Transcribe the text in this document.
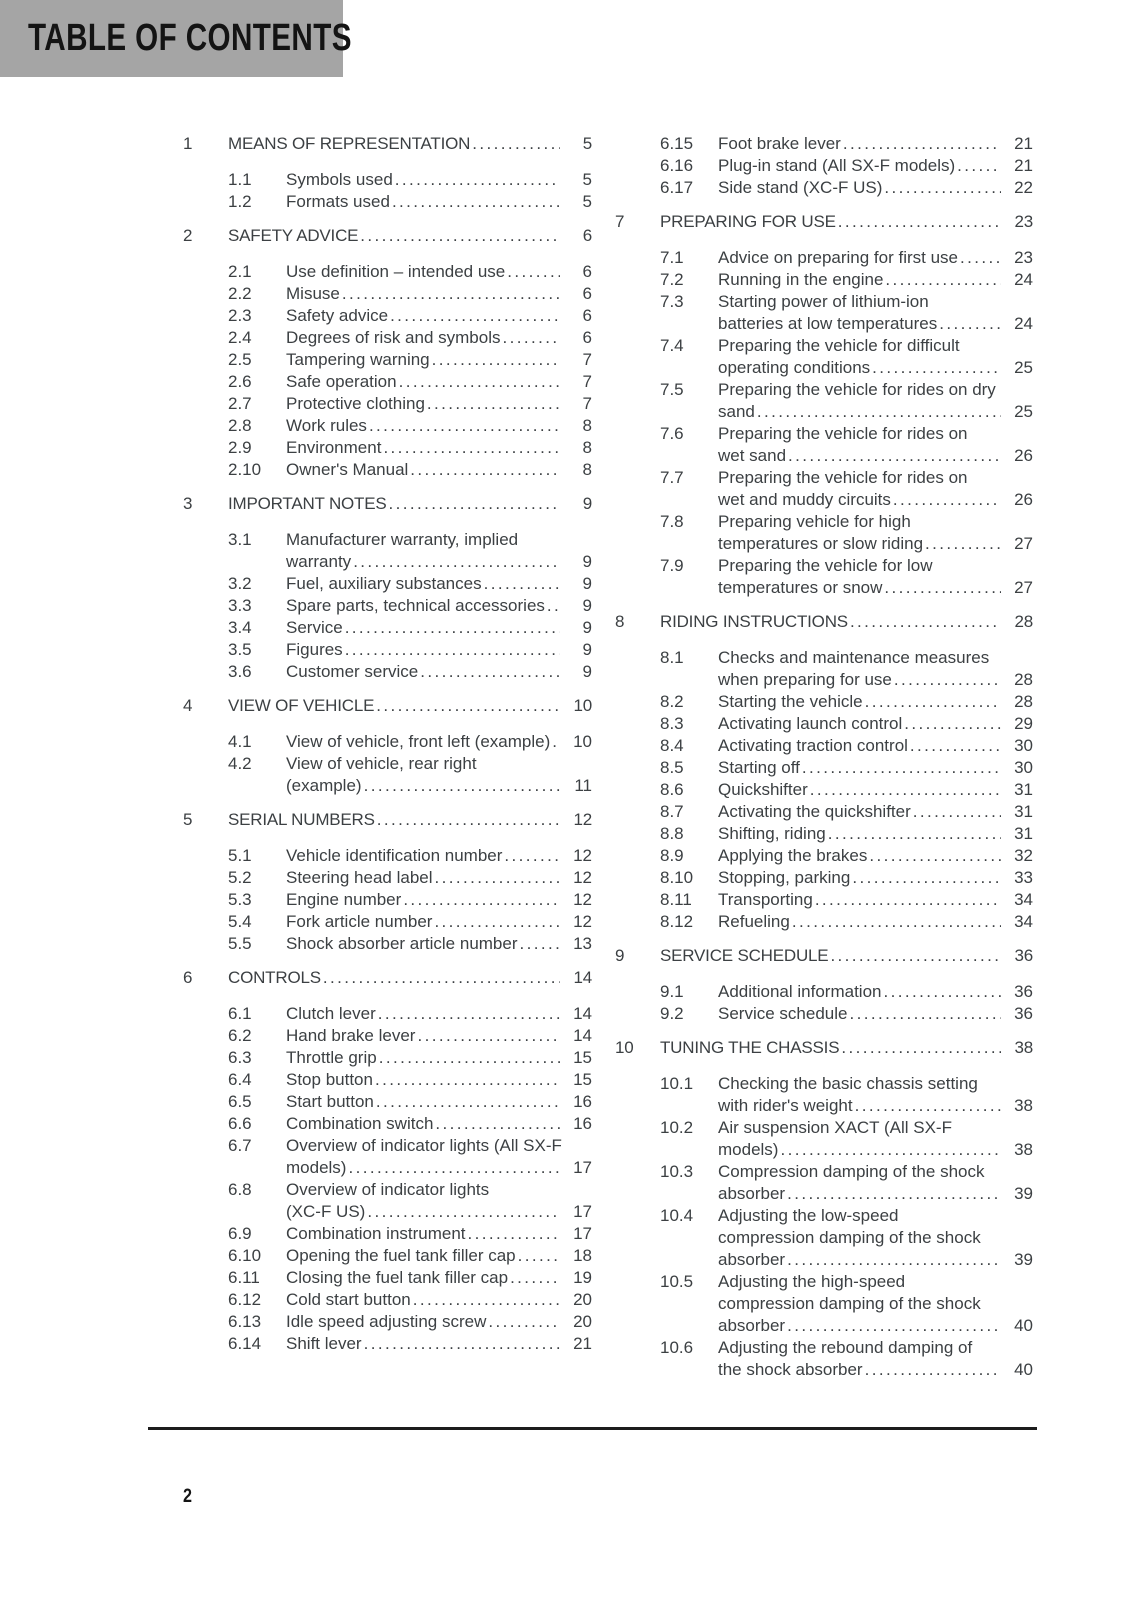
TABLE OF CONTENTS
1	MEANS OF REPRESENTATION .....	5
1.1	Symbols used .....	5
1.2	Formats used .....	5
2	SAFETY ADVICE .....	6
2.1	Use definition – intended use .....	6
2.2	Misuse .....	6
2.3	Safety advice .....	6
2.4	Degrees of risk and symbols .....	6
2.5	Tampering warning .....	7
2.6	Safe operation .....	7
2.7	Protective clothing .....	7
2.8	Work rules .....	8
2.9	Environment .....	8
2.10	Owner's Manual .....	8
3	IMPORTANT NOTES .....	9
3.1	Manufacturer warranty, implied
warranty .....	9
3.2	Fuel, auxiliary substances .....	9
3.3	Spare parts, technical accessories .....	9
3.4	Service .....	9
3.5	Figures .....	9
3.6	Customer service .....	9
4	VIEW OF VEHICLE .....	10
4.1	View of vehicle, front left (example) ..... 10
4.2	View of vehicle, rear right
(example) .....	11
5	SERIAL NUMBERS .....	12
5.1	Vehicle identification number .....	12
5.2	Steering head label .....	12
5.3	Engine number .....	12
5.4	Fork article number .....	12
5.5	Shock absorber article number .....	13
6	CONTROLS .....	14
6.1	Clutch lever .....	14
6.2	Hand brake lever .....	14
6.3	Throttle grip .....	15
6.4	Stop button .....	15
6.5	Start button .....	16
6.6	Combination switch .....	16
6.7	Overview of indicator lights (All SX-F
models) .....	17
6.8	Overview of indicator lights
(XC-F US) .....	17
6.9	Combination instrument .....	17
6.10	Opening the fuel tank filler cap .....	18
6.11	Closing the fuel tank filler cap .....	19
6.12	Cold start button .....	20
6.13	Idle speed adjusting screw .....	20
6.14	Shift lever .....	21
6.15	Foot brake lever .....	21
6.16	Plug-in stand (All SX-F models) .....	21
6.17	Side stand (XC-F US) .....	22
7	PREPARING FOR USE .....	23
7.1	Advice on preparing for first use .....	23
7.2	Running in the engine .....	24
7.3	Starting power of lithium-ion
batteries at low temperatures .....	24
7.4	Preparing the vehicle for difficult
operating conditions .....	25
7.5	Preparing the vehicle for rides on dry
sand .....	25
7.6	Preparing the vehicle for rides on
wet sand .....	26
7.7	Preparing the vehicle for rides on
wet and muddy circuits .....	26
7.8	Preparing vehicle for high
temperatures or slow riding .....	27
7.9	Preparing the vehicle for low
temperatures or snow .....	27
8	RIDING INSTRUCTIONS .....	28
8.1	Checks and maintenance measures
when preparing for use .....	28
8.2	Starting the vehicle .....	28
8.3	Activating launch control .....	29
8.4	Activating traction control .....	30
8.5	Starting off .....	30
8.6	Quickshifter .....	31
8.7	Activating the quickshifter .....	31
8.8	Shifting, riding .....	31
8.9	Applying the brakes .....	32
8.10	Stopping, parking .....	33
8.11	Transporting .....	34
8.12	Refueling .....	34
9	SERVICE SCHEDULE .....	36
9.1	Additional information .....	36
9.2	Service schedule .....	36
10	TUNING THE CHASSIS .....	38
10.1	Checking the basic chassis setting
with rider's weight .....	38
10.2	Air suspension XACT (All SX-F
models) .....	38
10.3	Compression damping of the shock
absorber .....	39
10.4	Adjusting the low-speed
compression damping of the shock
absorber .....	39
10.5	Adjusting the high-speed
compression damping of the shock
absorber .....	40
10.6	Adjusting the rebound damping of
the shock absorber .....	40
2
